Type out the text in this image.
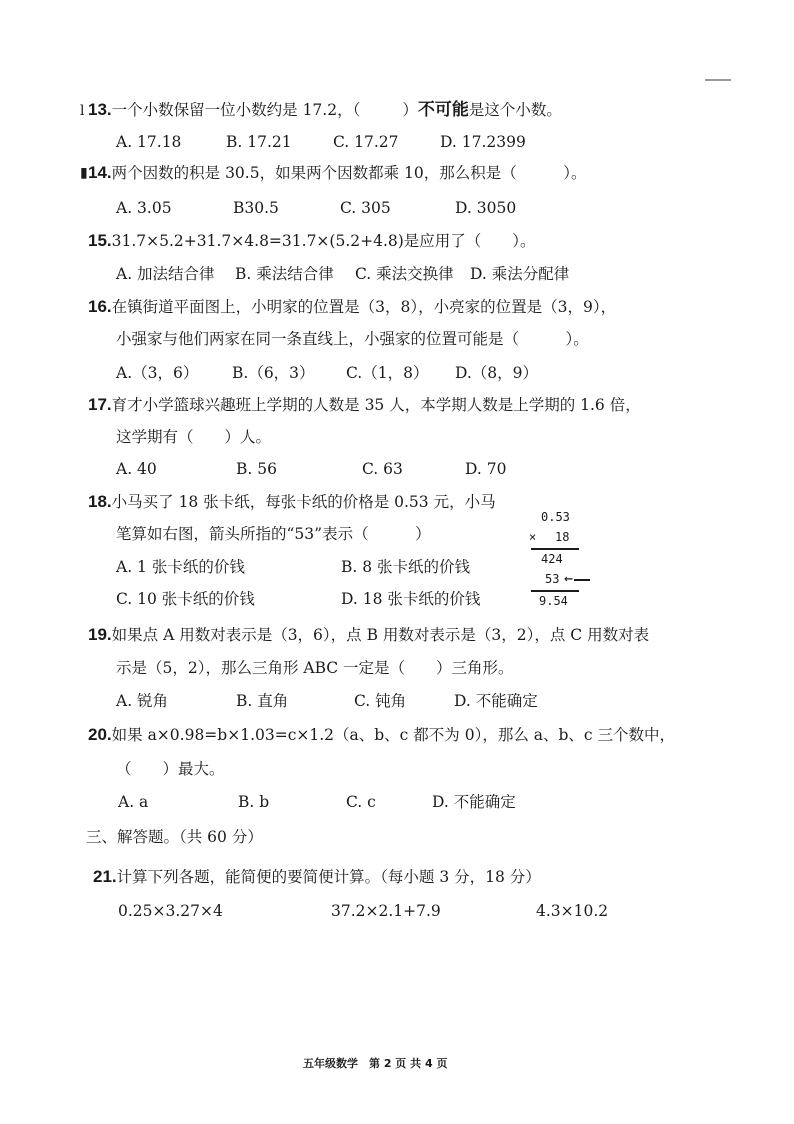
l
▮
13.一个小数保留一位小数约是 17.2，（	）不可能是这个小数。
A. 17.18	B. 17.21	C. 17.27	D. 17.2399
14.两个因数的积是 30.5，如果两个因数都乘 10，那么积是（　　　）。
A. 3.05	B30.5	C. 305	D. 3050
15.31.7×5.2+31.7×4.8=31.7×(5.2+4.8)是应用了（　　）。
A. 加法结合律 B. 乘法结合律 C. 乘法交换律 D. 乘法分配律
16.在镇街道平面图上，小明家的位置是（3，8），小亮家的位置是（3，9），
小强家与他们两家在同一条直线上，小强家的位置可能是（　　　）。
A.（3，6） B.（6，3） C.（1，8） D.（8，9）
17.育才小学篮球兴趣班上学期的人数是 35 人，本学期人数是上学期的 1.6 倍，
这学期有（　　）人。
A. 40	B. 56	C. 63	D. 70
18.小马买了 18 张卡纸，每张卡纸的价格是 0.53 元，小马
笔算如右图，箭头所指的“53”表示（　　　）
A. 1 张卡纸的价钱	B. 8 张卡纸的价钱
C. 10 张卡纸的价钱	D. 18 张卡纸的价钱
0.53
× 18
424
53 ←
9.54
19.如果点 A 用数对表示是（3，6），点 B 用数对表示是（3，2），点 C 用数对表
示是（5，2），那么三角形 ABC 一定是（　　）三角形。
A. 锐角	B. 直角	C. 钝角	D. 不能确定
20.如果 a×0.98=b×1.03=c×1.2（a、b、c 都不为 0），那么 a、b、c 三个数中，
（　　）最大。
A. a	B. b	C. c	D. 不能确定
三、解答题。（共 60 分）
21.计算下列各题，能简便的要简便计算。（每小题 3 分，18 分）
0.25×3.27×4	37.2×2.1+7.9	4.3×10.2
五年级数学　第 2 页 共 4 页
